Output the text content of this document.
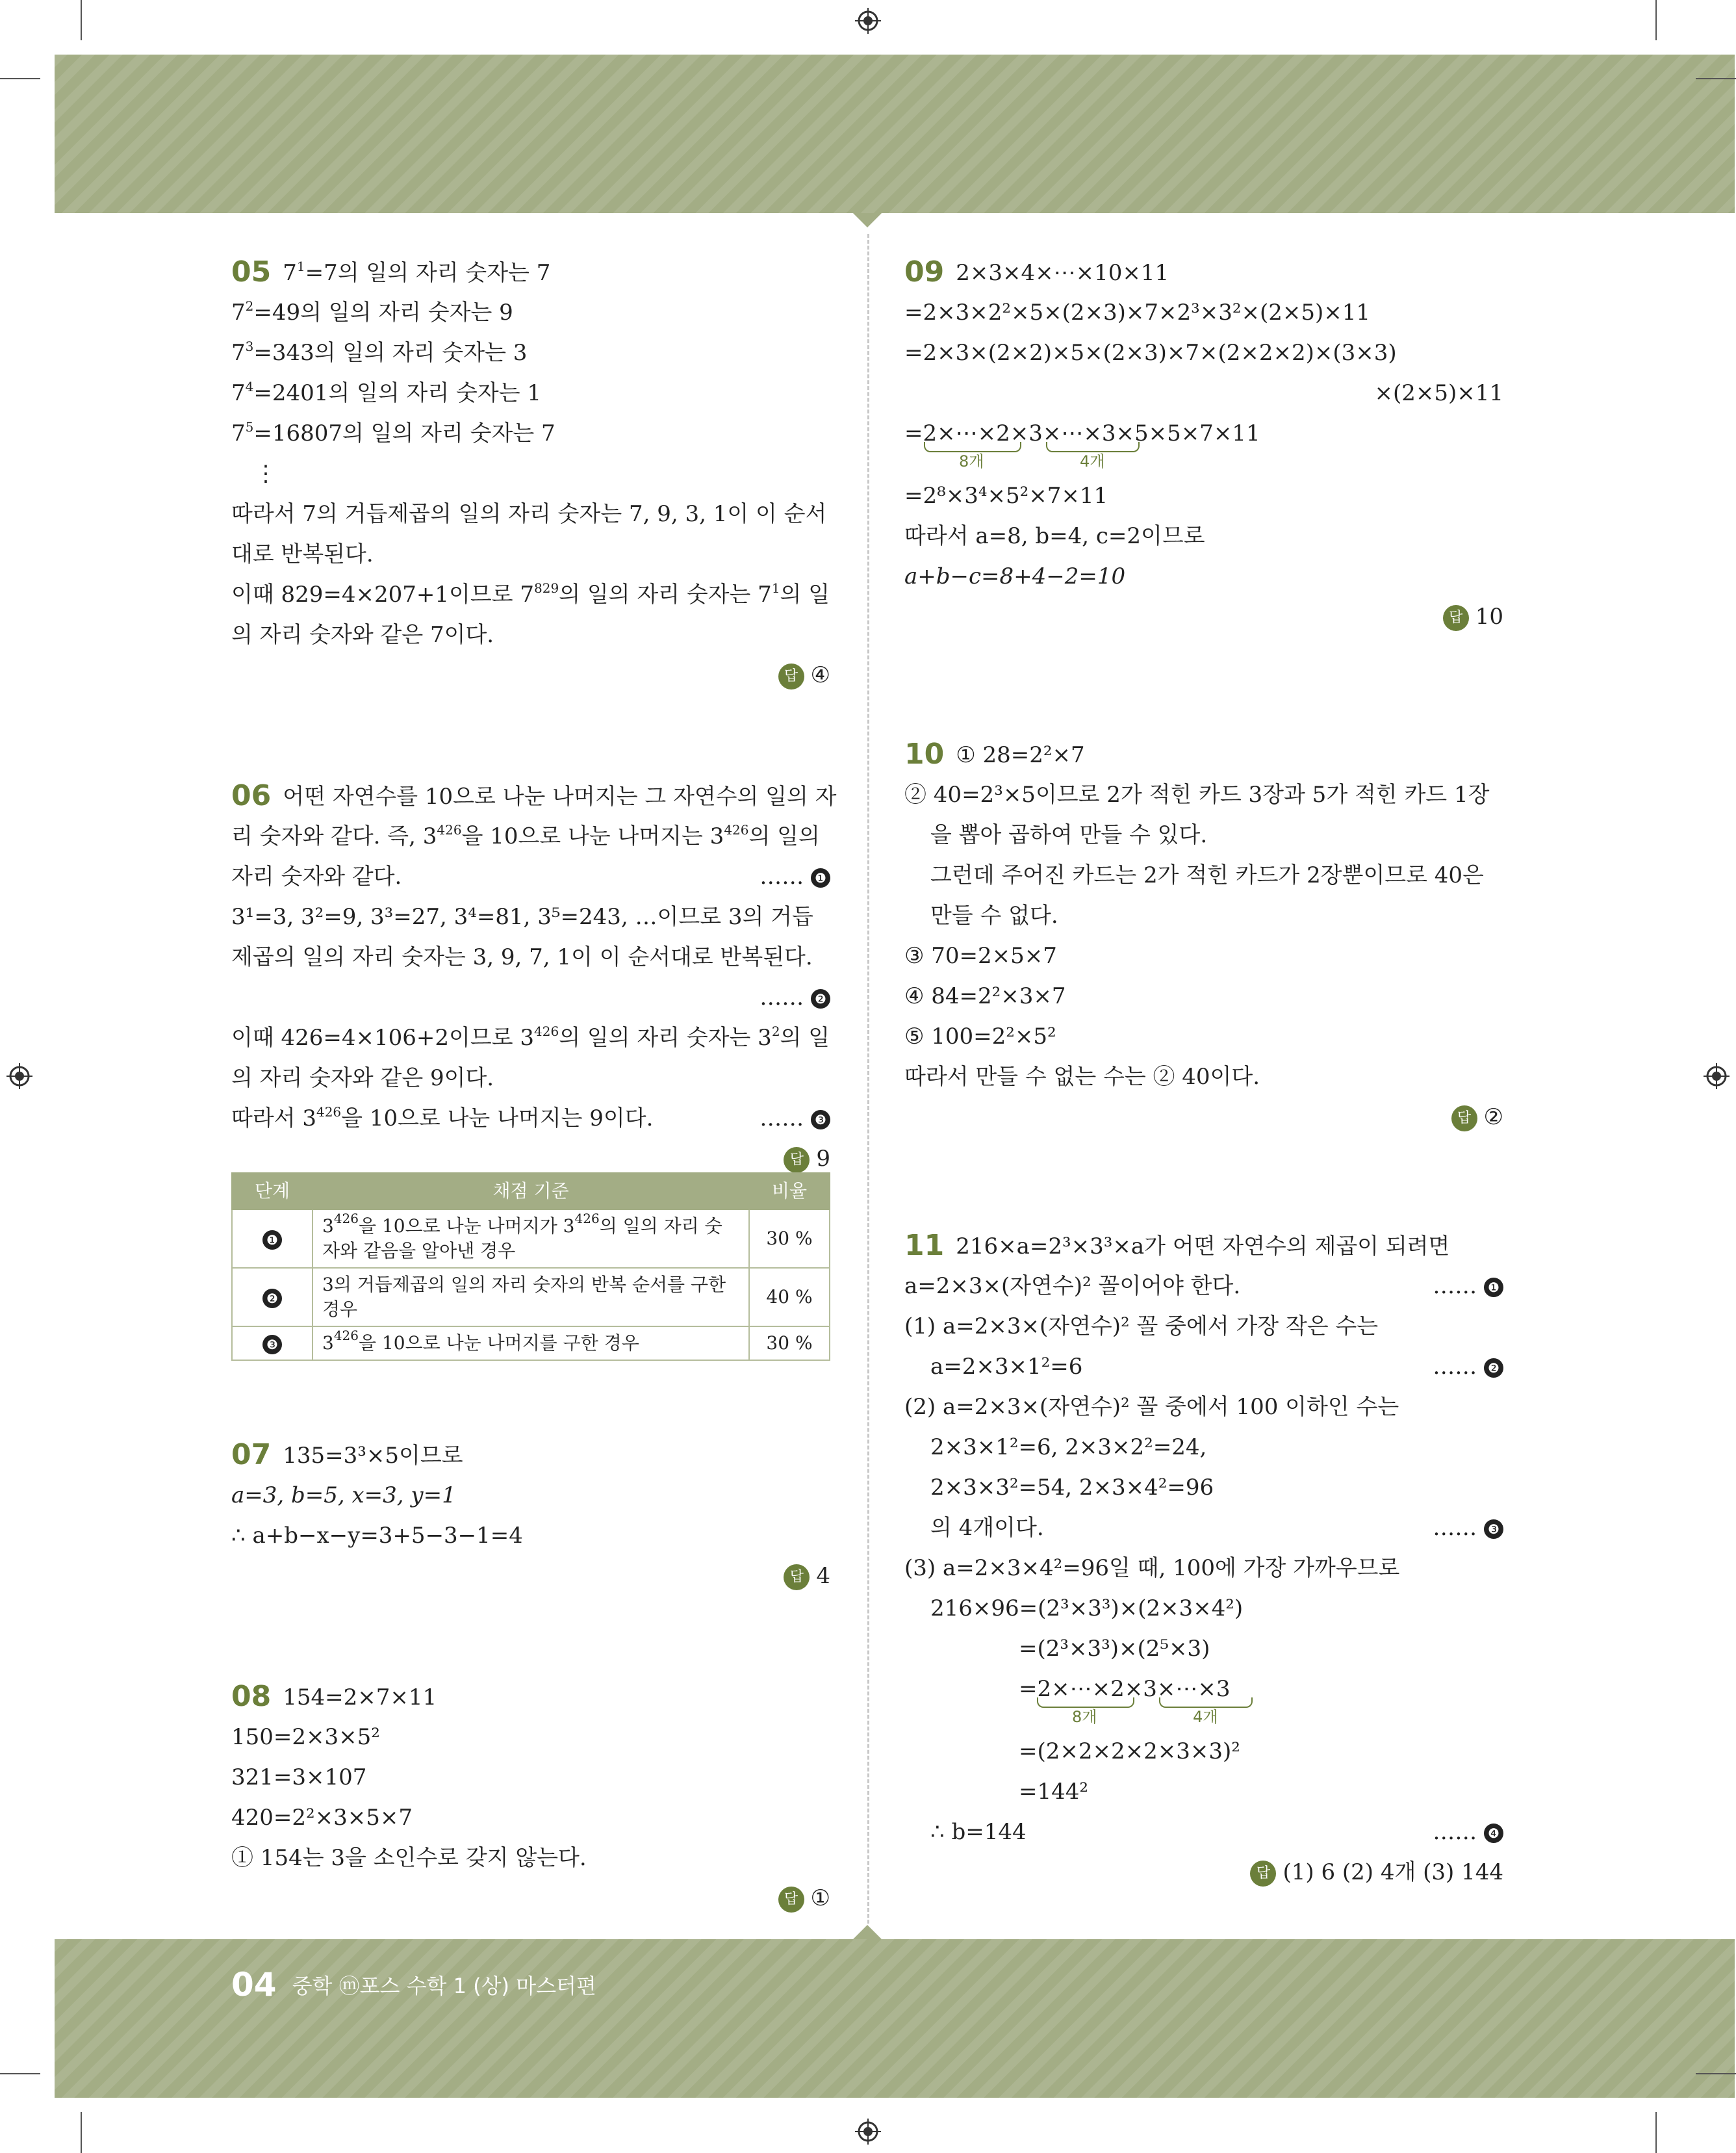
05 $7^1=7$의 일의 자리 숫자는 7
$7^2=49$의 일의 자리 숫자는 9
$7^3=343$의 일의 자리 숫자는 3
$7^4=2401$의 일의 자리 숫자는 1
$7^5=16807$의 일의 자리 숫자는 7
⋮
따라서 7의 거듭제곱의 일의 자리 숫자는 7, 9, 3, 1이 이 순서
대로 반복된다.
이때 829=4×207+1이므로 $7^{829}$의 일의 자리 숫자는 $7^1$의 일
의 자리 숫자와 같은 7이다.
답 ④
06 어떤 자연수를 10으로 나눈 나머지는 그 자연수의 일의 자
리 숫자와 같다. 즉, $3^{426}$을 10으로 나눈 나머지는 $3^{426}$의 일의
자리 숫자와 같다.	…… ❶
3¹=3, 3²=9, 3³=27, 3⁴=81, 3⁵=243, …이므로 3의 거듭
제곱의 일의 자리 숫자는 3, 9, 7, 1이 이 순서대로 반복된다.
…… ❷
이때 426=4×106+2이므로 $3^{426}$의 일의 자리 숫자는 $3^2$의 일
의 자리 숫자와 같은 9이다.
따라서 $3^{426}$을 10으로 나눈 나머지는 9이다.	…… ❸
답 9
단계	채점 기준	비율
❶	$3^{426}$을 10으로 나눈 나머지가 $3^{426}$의 일의 자리 숫자와 같음을 알아낸 경우	30 %
❷	3의 거듭제곱의 일의 자리 숫자의 반복 순서를 구한 경우	40 %
❸	$3^{426}$을 10으로 나눈 나머지를 구한 경우	30 %
07 135=3³×5이므로
a=3, b=5, x=3, y=1
∴ a+b−x−y=3+5−3−1=4
답 4
08 154=2×7×11
150=2×3×5²
321=3×107
420=2²×3×5×7
① 154는 3을 소인수로 갖지 않는다.
답 ①
09 2×3×4×⋯×10×11
=2×3×2²×5×(2×3)×7×2³×3²×(2×5)×11
=2×3×(2×2)×5×(2×3)×7×(2×2×2)×(3×3)
×(2×5)×11
=2×⋯×2×3×⋯×3×5×5×7×11
8개	4개
=2⁸×3⁴×5²×7×11
따라서 a=8, b=4, c=2이므로
a+b−c=8+4−2=10
답 10
10 ① 28=2²×7
② 40=2³×5이므로 2가 적힌 카드 3장과 5가 적힌 카드 1장
을 뽑아 곱하여 만들 수 있다.
그런데 주어진 카드는 2가 적힌 카드가 2장뿐이므로 40은
만들 수 없다.
③ 70=2×5×7
④ 84=2²×3×7
⑤ 100=2²×5²
따라서 만들 수 없는 수는 ② 40이다.
답 ②
11 216×a=2³×3³×a가 어떤 자연수의 제곱이 되려면
a=2×3×(자연수)² 꼴이어야 한다.	…… ❶
(1) a=2×3×(자연수)² 꼴 중에서 가장 작은 수는
a=2×3×1²=6	…… ❷
(2) a=2×3×(자연수)² 꼴 중에서 100 이하인 수는
2×3×1²=6, 2×3×2²=24,
2×3×3²=54, 2×3×4²=96
의 4개이다.	…… ❸
(3) a=2×3×4²=96일 때, 100에 가장 가까우므로
216×96=(2³×3³)×(2×3×4²)
=(2³×3³)×(2⁵×3)
=2×⋯×2×3×⋯×3
8개	4개
=(2×2×2×2×3×3)²
=144²
∴ b=144	…… ❹
답 (1) 6 (2) 4개 (3) 144
04 중학 ⓜ포스 수학 1 (상) 마스터편
